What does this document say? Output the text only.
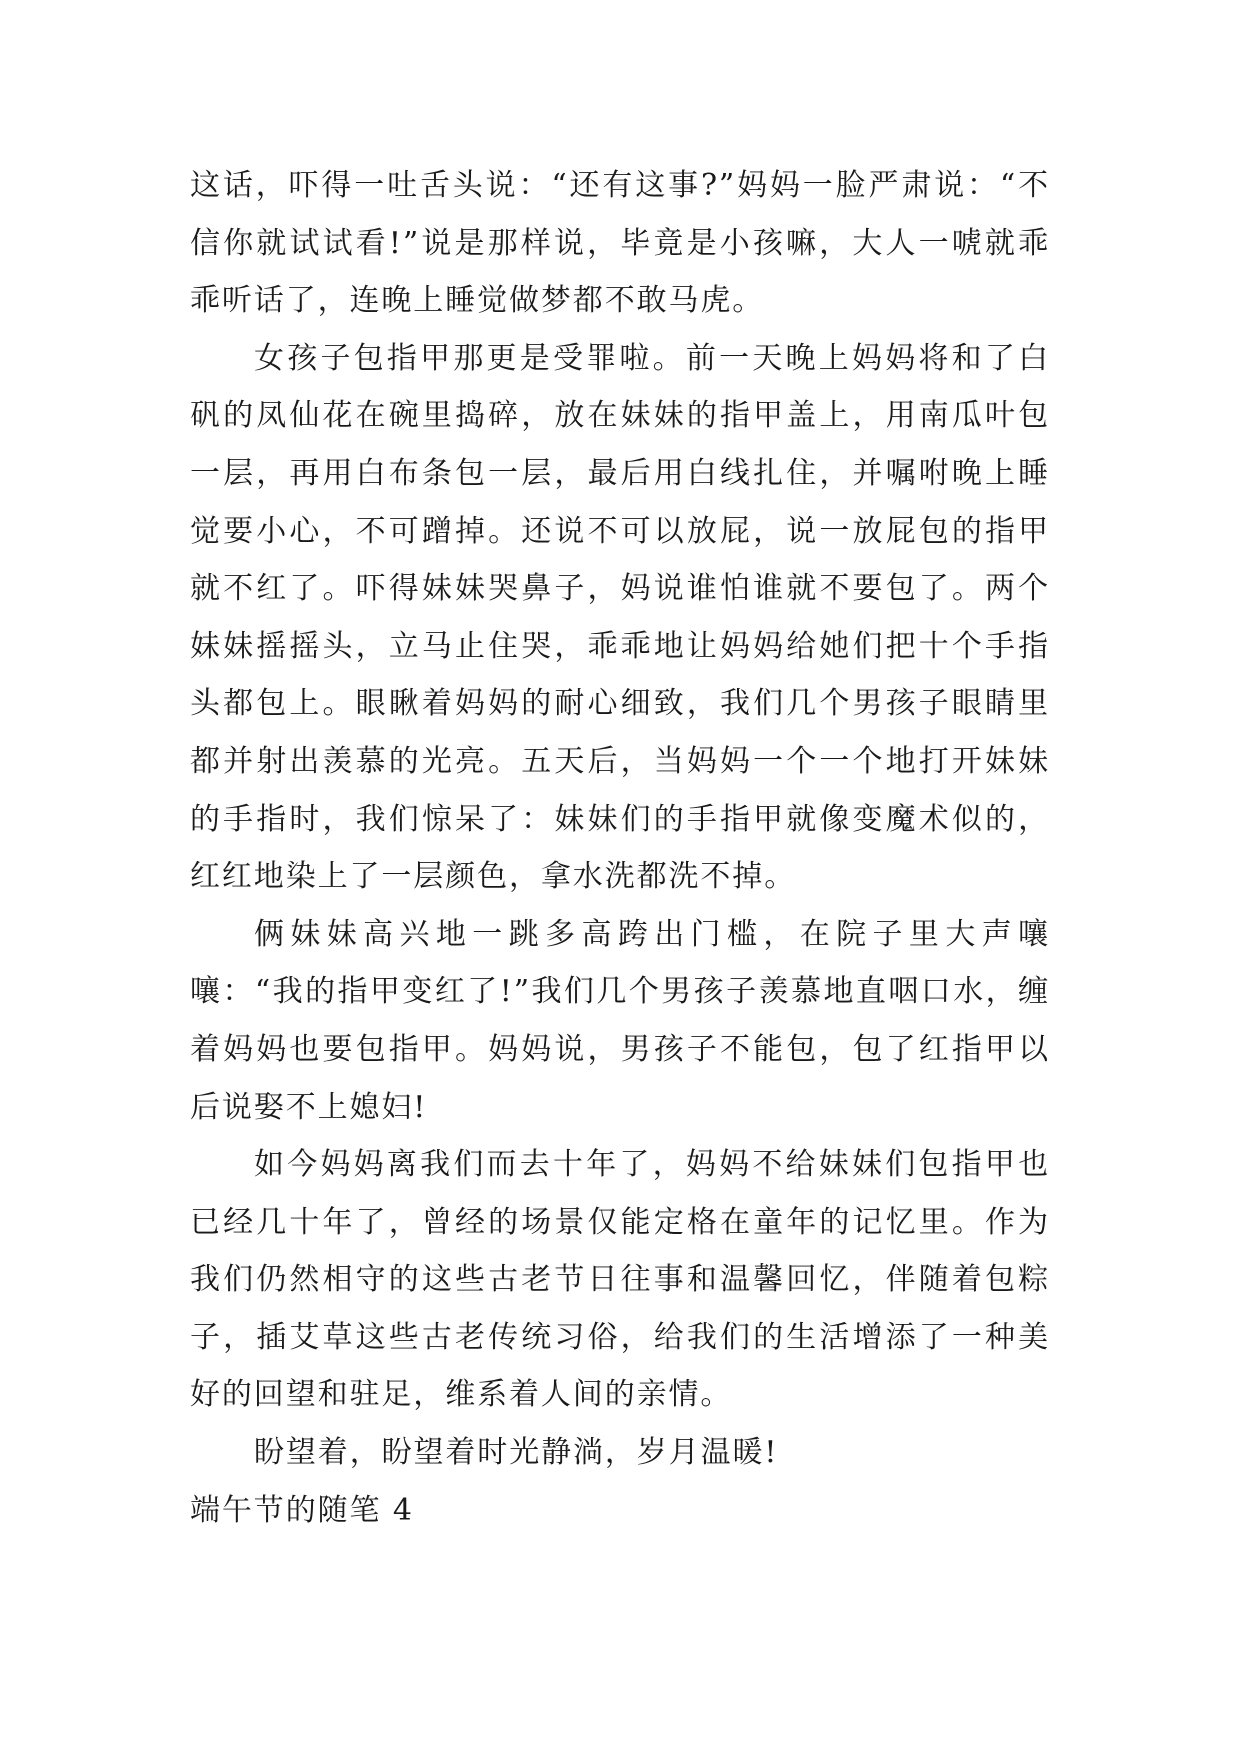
这话，吓得一吐舌头说：“还有这事?”妈妈一脸严肃说：“不信你就试试看!”说是那样说，毕竟是小孩嘛，大人一唬就乖乖听话了，连晚上睡觉做梦都不敢马虎。

女孩子包指甲那更是受罪啦。前一天晚上妈妈将和了白矾的凤仙花在碗里捣碎，放在妹妹的指甲盖上，用南瓜叶包一层，再用白布条包一层，最后用白线扎住，并嘱咐晚上睡觉要小心，不可蹭掉。还说不可以放屁，说一放屁包的指甲就不红了。吓得妹妹哭鼻子，妈说谁怕谁就不要包了。两个妹妹摇摇头，立马止住哭，乖乖地让妈妈给她们把十个手指头都包上。眼瞅着妈妈的耐心细致，我们几个男孩子眼睛里都并射出羡慕的光亮。五天后，当妈妈一个一个地打开妹妹的手指时，我们惊呆了：妹妹们的手指甲就像变魔术似的，红红地染上了一层颜色，拿水洗都洗不掉。

俩妹妹高兴地一跳多高跨出门槛，在院子里大声嚷嚷：“我的指甲变红了!”我们几个男孩子羡慕地直咽口水，缠着妈妈也要包指甲。妈妈说，男孩子不能包，包了红指甲以后说娶不上媳妇!

如今妈妈离我们而去十年了，妈妈不给妹妹们包指甲也已经几十年了，曾经的场景仅能定格在童年的记忆里。作为我们仍然相守的这些古老节日往事和温馨回忆，伴随着包粽子，插艾草这些古老传统习俗，给我们的生活增添了一种美好的回望和驻足，维系着人间的亲情。

盼望着，盼望着时光静淌，岁月温暖!

端午节的随笔 4
